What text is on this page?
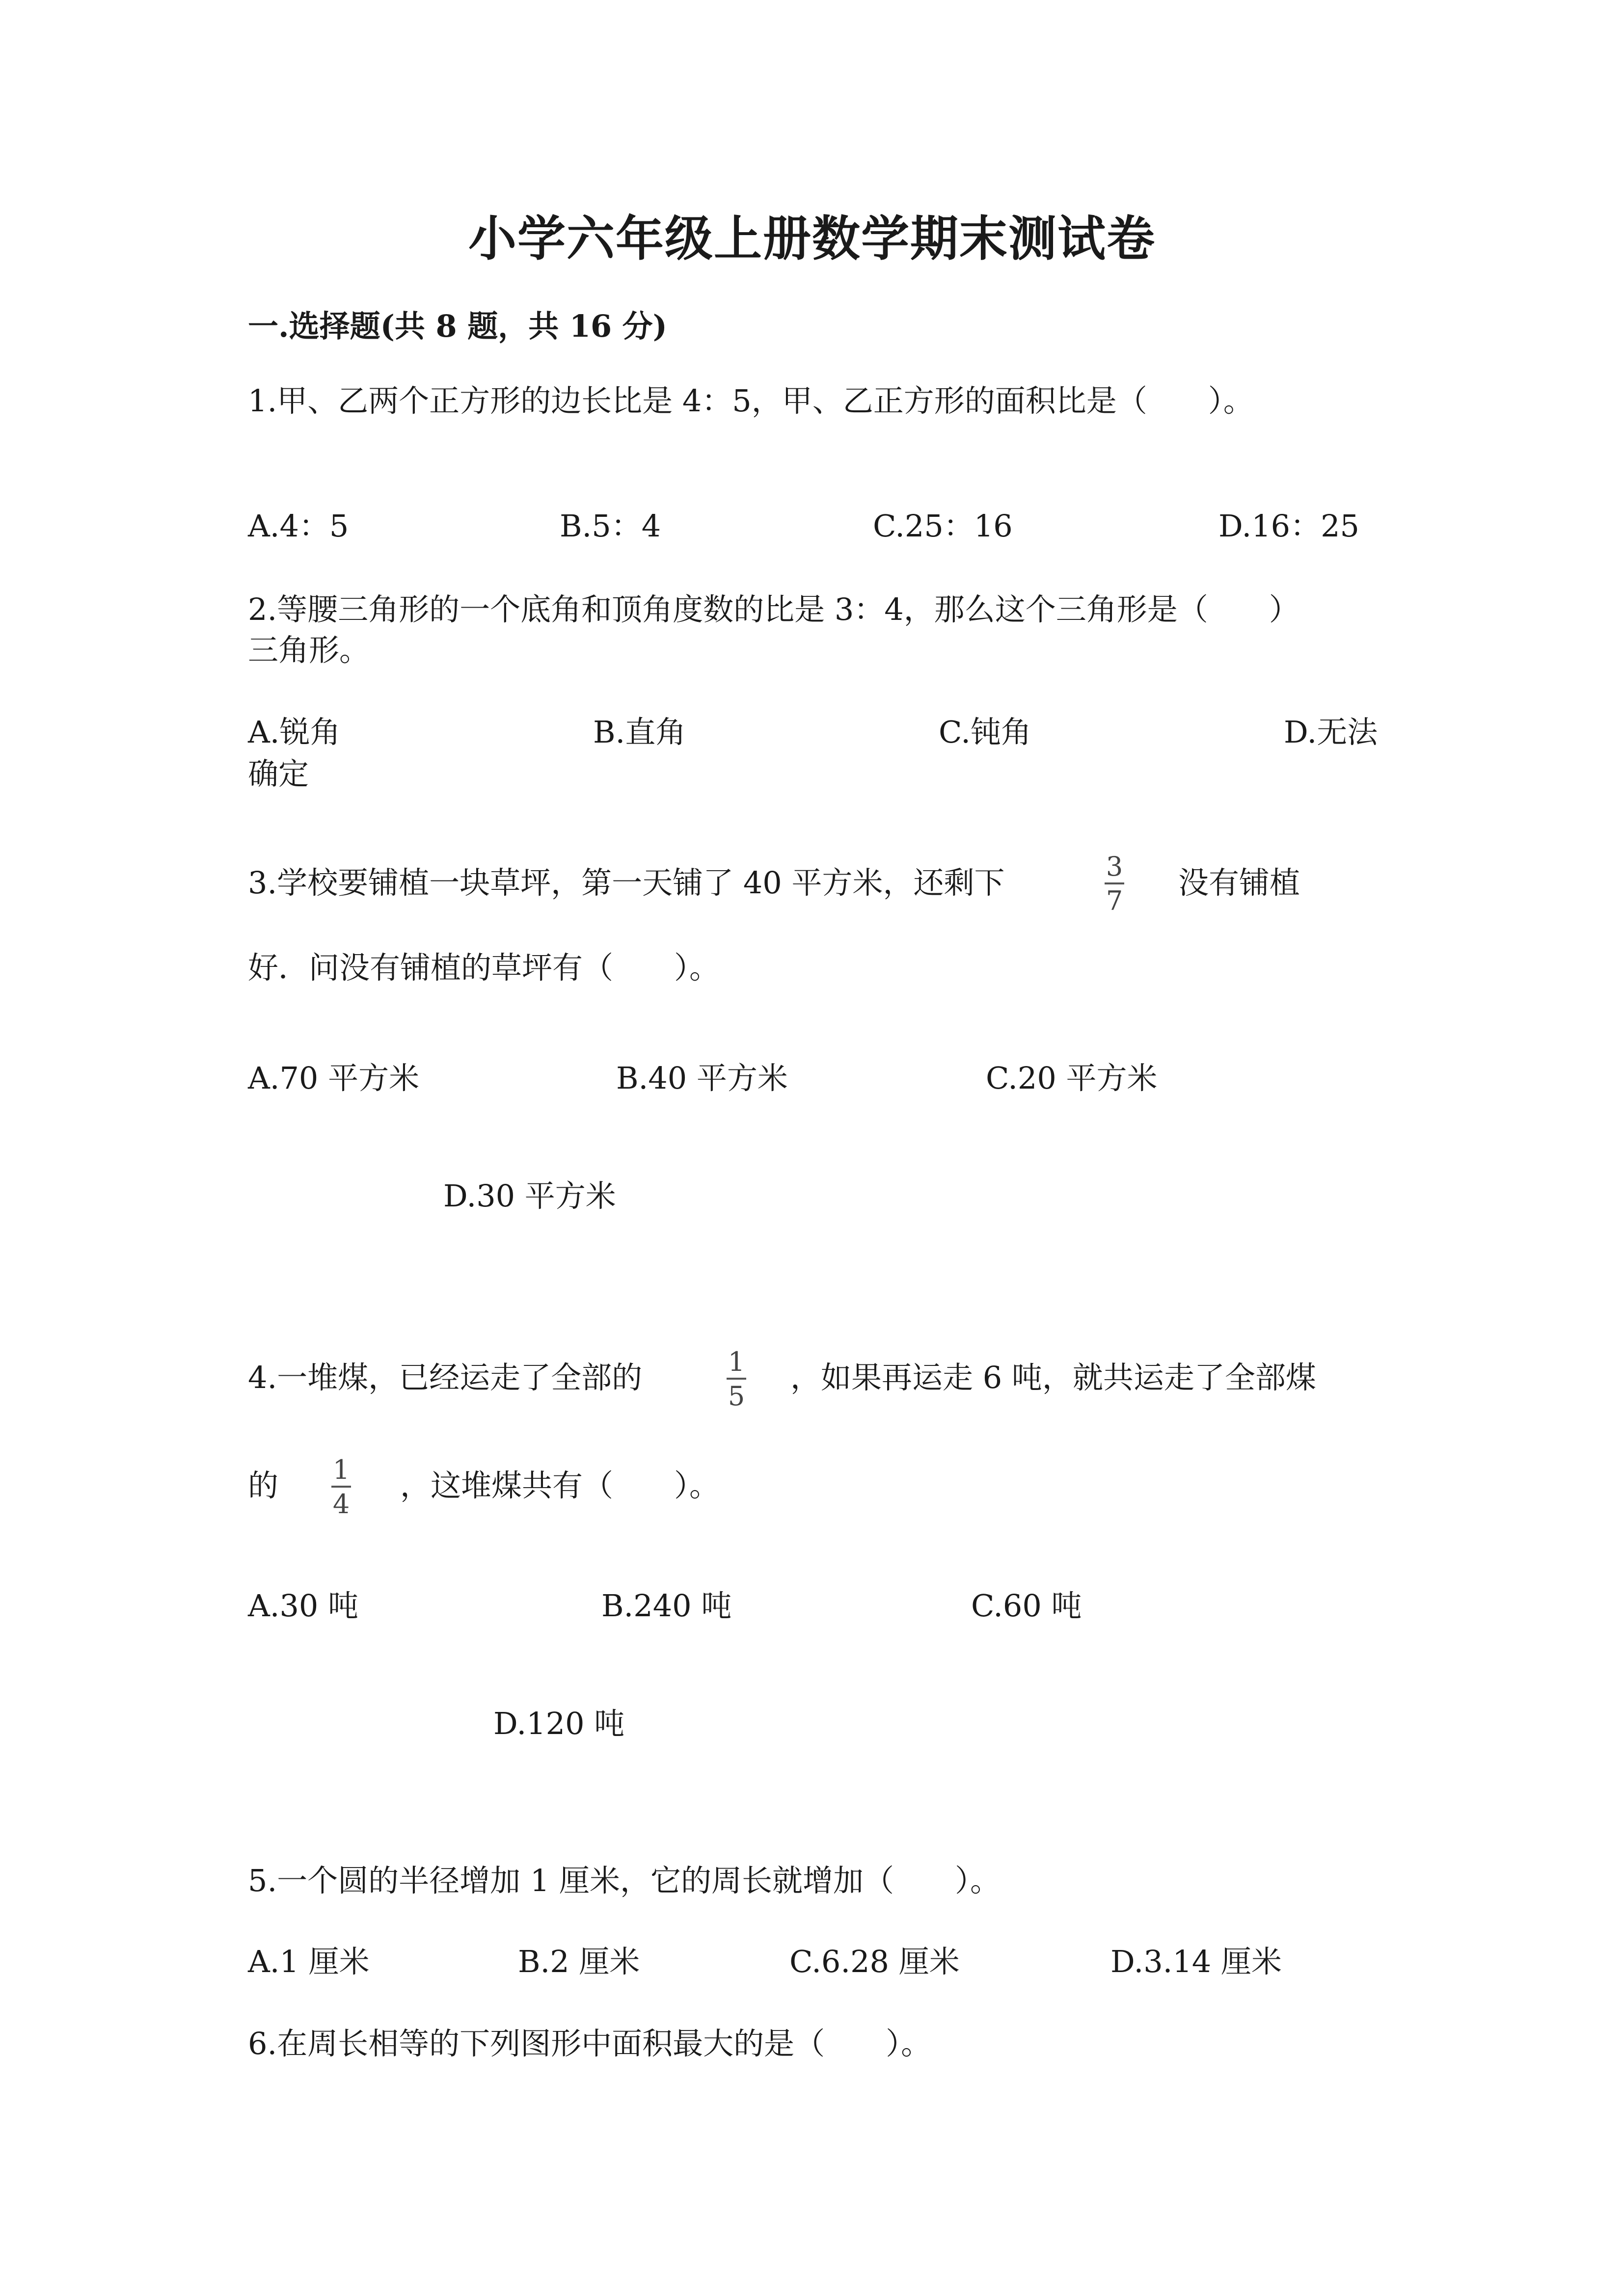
小学六年级上册数学期末测试卷
一.选择题(共 8 题，共 16 分)
1.甲、乙两个正方形的边长比是 4：5，甲、乙正方形的面积比是（　　）。
A.4：5	B.5：4	C.25：16	D.16：25
2.等腰三角形的一个底角和顶角度数的比是 3：4，那么这个三角形是（　　）
三角形。
A.锐角	B.直角	C.钝角	D.无法
确定
3.学校要铺植一块草坪，第一天铺了 40 平方米，还剩下	3
7
没有铺植
好．问没有铺植的草坪有（　　）。
A.70 平方米	B.40 平方米	C.20 平方米
D.30 平方米
4.一堆煤，已经运走了全部的	1
5
，如果再运走 6 吨，就共运走了全部煤
的 1
4
，这堆煤共有（　　）。
A.30 吨	B.240 吨	C.60 吨
D.120 吨
5.一个圆的半径增加 1 厘米，它的周长就增加（　　）。
A.1 厘米	B.2 厘米	C.6.28 厘米	D.3.14 厘米
6.在周长相等的下列图形中面积最大的是（　　）。
